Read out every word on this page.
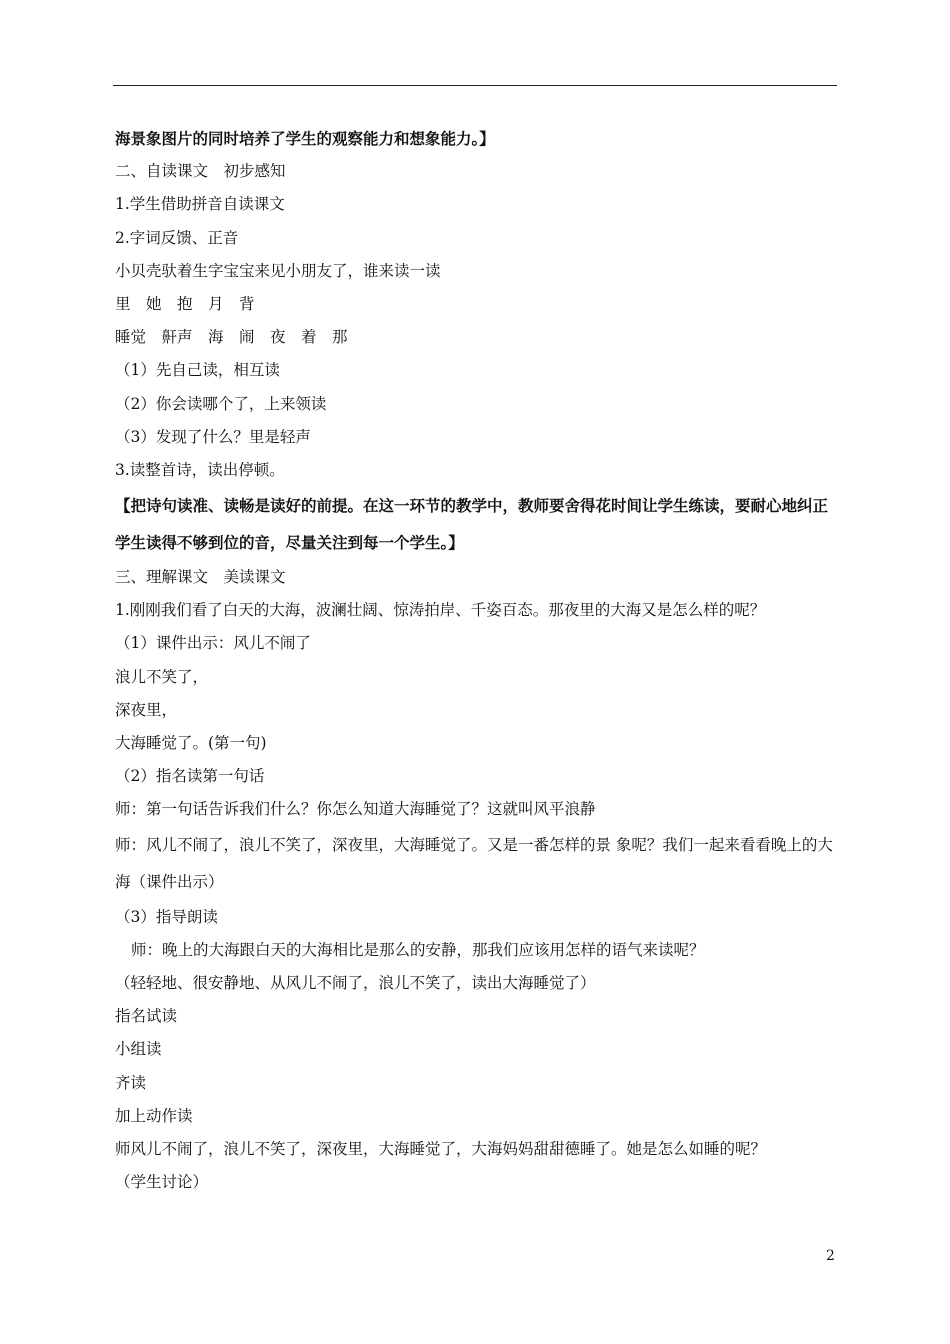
海景象图片的同时培养了学生的观察能力和想象能力。】
二、自读课文　初步感知
1.学生借助拼音自读课文
2.字词反馈、正音
小贝壳驮着生字宝宝来见小朋友了，谁来读一读
里　她　抱　月　背
睡觉　鼾声　海　闹　夜　着　那
（1）先自己读，相互读
（2）你会读哪个了，上来领读
（3）发现了什么？里是轻声
3.读整首诗，读出停顿。
【把诗句读准、读畅是读好的前提。在这一环节的教学中，教师要舍得花时间让学生练读，要耐心地纠正学生读得不够到位的音，尽量关注到每一个学生。】
三、理解课文　美读课文
1.刚刚我们看了白天的大海，波澜壮阔、惊涛拍岸、千姿百态。那夜里的大海又是怎么样的呢？
（1）课件出示：风儿不闹了
浪儿不笑了，
深夜里，
大海睡觉了。(第一句)
（2）指名读第一句话
师：第一句话告诉我们什么？你怎么知道大海睡觉了？这就叫风平浪静
师：风儿不闹了，浪儿不笑了，深夜里，大海睡觉了。又是一番怎样的景 象呢？我们一起来看看晚上的大海（课件出示）
（3）指导朗读
师：晚上的大海跟白天的大海相比是那么的安静，那我们应该用怎样的语气来读呢？
（轻轻地、很安静地、从风儿不闹了，浪儿不笑了，读出大海睡觉了）
指名试读
小组读
齐读
加上动作读
师风儿不闹了，浪儿不笑了，深夜里，大海睡觉了，大海妈妈甜甜德睡了。她是怎么如睡的呢？
（学生讨论）
2
